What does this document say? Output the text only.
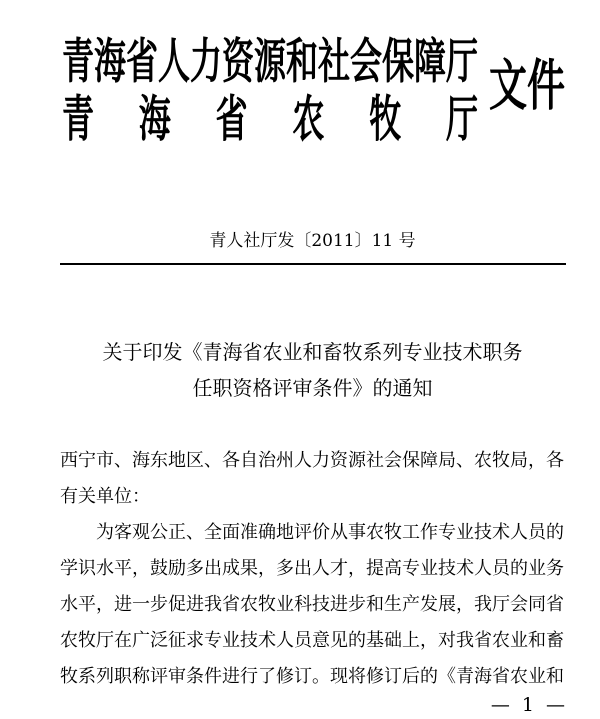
青海省人力资源和社会保障厅
青海省农牧厅
文件
青人社厅发〔2011〕11 号
关于印发《青海省农业和畜牧系列专业技术职务
任职资格评审条件》的通知
西宁市、海东地区、各自治州人力资源社会保障局、农牧局，各
有关单位：
为客观公正、全面准确地评价从事农牧工作专业技术人员的
学识水平，鼓励多出成果，多出人才，提高专业技术人员的业务
水平，进一步促进我省农牧业科技进步和生产发展，我厅会同省
农牧厅在广泛征求专业技术人员意见的基础上，对我省农业和畜
牧系列职称评审条件进行了修订。现将修订后的《青海省农业和
— 1 —
